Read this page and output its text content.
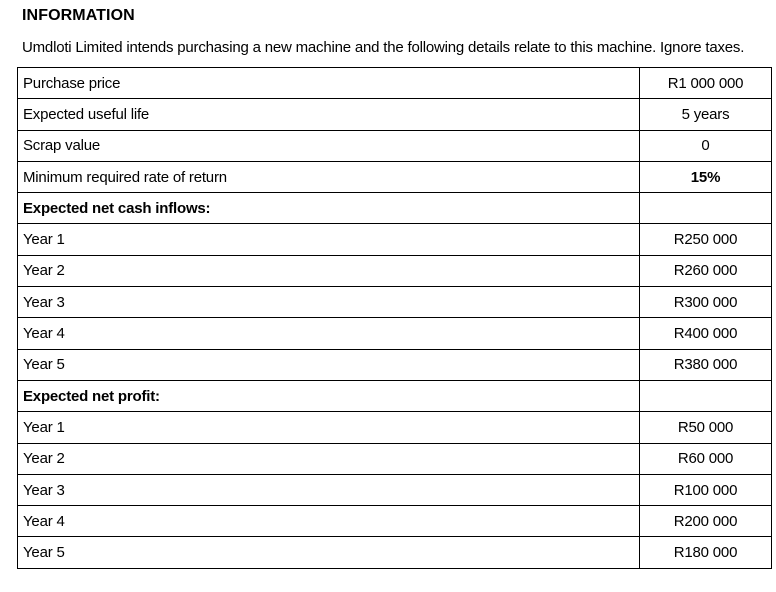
INFORMATION
Umdloti Limited intends purchasing a new machine and the following details relate to this machine. Ignore taxes.
Purchase price	R1 000 000
Expected useful life	5 years
Scrap value	0
Minimum required rate of return	15%
Expected net cash inflows:	
Year 1	R250 000
Year 2	R260 000
Year 3	R300 000
Year 4	R400 000
Year 5	R380 000
Expected net profit:	
Year 1	R50 000
Year 2	R60 000
Year 3	R100 000
Year 4	R200 000
Year 5	R180 000
